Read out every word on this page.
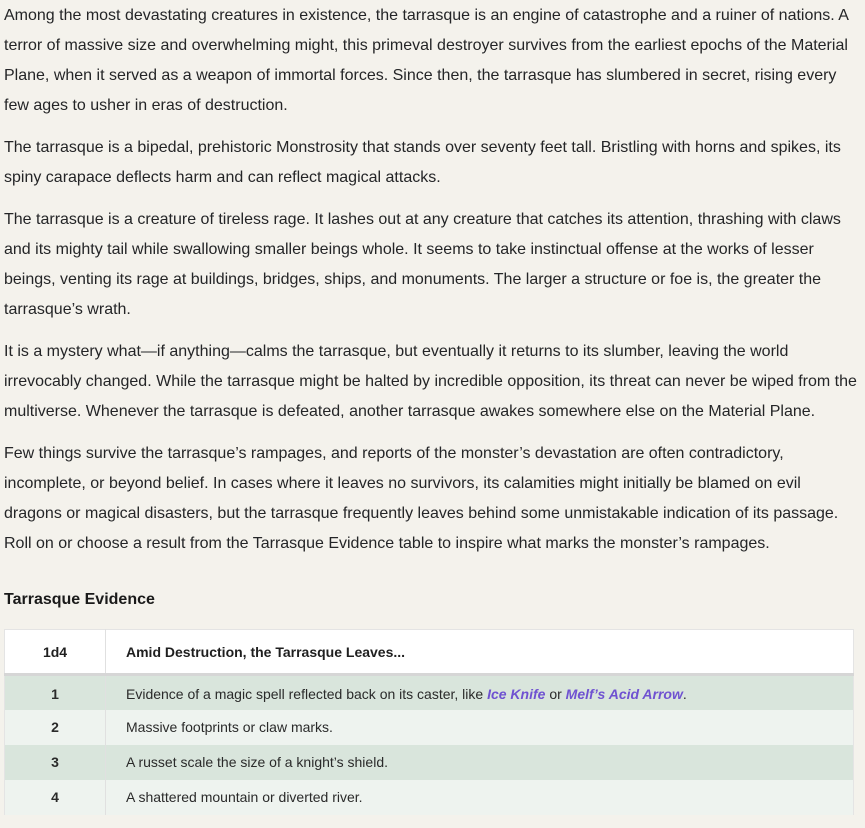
Among the most devastating creatures in existence, the tarrasque is an engine of catastrophe and a ruiner of nations. A terror of massive size and overwhelming might, this primeval destroyer survives from the earliest epochs of the Material Plane, when it served as a weapon of immortal forces. Since then, the tarrasque has slumbered in secret, rising every few ages to usher in eras of destruction.

The tarrasque is a bipedal, prehistoric Monstrosity that stands over seventy feet tall. Bristling with horns and spikes, its spiny carapace deflects harm and can reflect magical attacks.

The tarrasque is a creature of tireless rage. It lashes out at any creature that catches its attention, thrashing with claws and its mighty tail while swallowing smaller beings whole. It seems to take instinctual offense at the works of lesser beings, venting its rage at buildings, bridges, ships, and monuments. The larger a structure or foe is, the greater the tarrasque’s wrath.

It is a mystery what—if anything—calms the tarrasque, but eventually it returns to its slumber, leaving the world irrevocably changed. While the tarrasque might be halted by incredible opposition, its threat can never be wiped from the multiverse. Whenever the tarrasque is defeated, another tarrasque awakes somewhere else on the Material Plane.

Few things survive the tarrasque’s rampages, and reports of the monster’s devastation are often contradictory, incomplete, or beyond belief. In cases where it leaves no survivors, its calamities might initially be blamed on evil dragons or magical disasters, but the tarrasque frequently leaves behind some unmistakable indication of its passage. Roll on or choose a result from the Tarrasque Evidence table to inspire what marks the monster’s rampages.

Tarrasque Evidence
1d4	Amid Destruction, the Tarrasque Leaves...
1	Evidence of a magic spell reflected back on its caster, like Ice Knife or Melf’s Acid Arrow.
2	Massive footprints or claw marks.
3	A russet scale the size of a knight’s shield.
4	A shattered mountain or diverted river.
